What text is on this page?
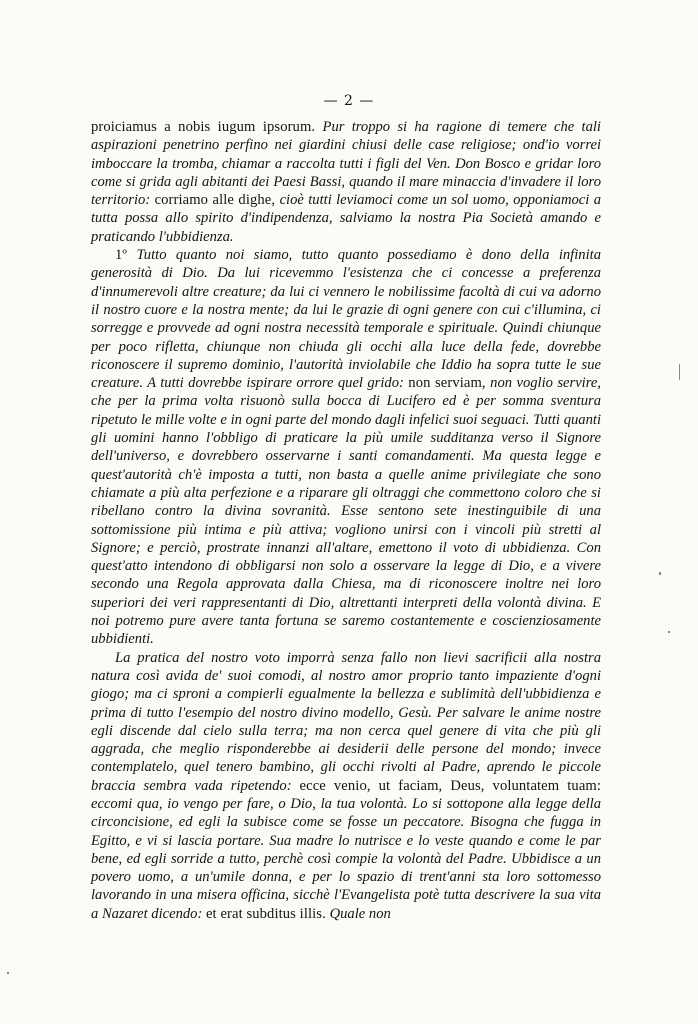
— 2 —

proiciamus a nobis iugum ipsorum. Pur troppo si ha ragione di temere che tali aspirazioni penetrino perfino nei giardini chiusi delle case religiose; ond'io vorrei imboccare la tromba, chiamar a raccolta tutti i figli del Ven. Don Bosco e gridar loro come si grida agli abitanti dei Paesi Bassi, quando il mare minaccia d'invadere il loro territorio: corriamo alle dighe, cioè tutti leviamoci come un sol uomo, opponiamoci a tutta possa allo spirito d'indipendenza, salviamo la nostra Pia Società amando e praticando l'ubbidienza.

1º Tutto quanto noi siamo, tutto quanto possediamo è dono della infinita generosità di Dio. Da lui ricevemmo l'esistenza che ci concesse a preferenza d'innumerevoli altre creature; da lui ci vennero le nobilissime facoltà di cui va adorno il nostro cuore e la nostra mente; da lui le grazie di ogni genere con cui c'illumina, ci sorregge e provvede ad ogni nostra necessità temporale e spirituale. Quindi chiunque per poco rifletta, chiunque non chiuda gli occhi alla luce della fede, dovrebbe riconoscere il supremo dominio, l'autorità inviolabile che Iddio ha sopra tutte le sue creature. A tutti dovrebbe ispirare orrore quel grido: non serviam, non voglio servire, che per la prima volta risuonò sulla bocca di Lucifero ed è per somma sventura ripetuto le mille volte e in ogni parte del mondo dagli infelici suoi seguaci. Tutti quanti gli uomini hanno l'obbligo di praticare la più umile sudditanza verso il Signore dell'universo, e dovrebbero osservarne i santi comandamenti. Ma questa legge e quest'autorità ch'è imposta a tutti, non basta a quelle anime privilegiate che sono chiamate a più alta perfezione e a riparare gli oltraggi che commettono coloro che si ribellano contro la divina sovranità. Esse sentono sete inestinguibile di una sottomissione più intima e più attiva; vogliono unirsi con i vincoli più stretti al Signore; e perciò, prostrate innanzi all'altare, emettono il voto di ubbidienza. Con quest'atto intendono di obbligarsi non solo a osservare la legge di Dio, e a vivere secondo una Regola approvata dalla Chiesa, ma di riconoscere inoltre nei loro superiori dei veri rappresentanti di Dio, altrettanti interpreti della volontà divina. E noi potremo pure avere tanta fortuna se saremo costantemente e coscienziosamente ubbidienti.

La pratica del nostro voto imporrà senza fallo non lievi sacrificii alla nostra natura così avida de' suoi comodi, al nostro amor proprio tanto impaziente d'ogni giogo; ma ci sproni a compierli egualmente la bellezza e sublimità dell'ubbidienza e prima di tutto l'esempio del nostro divino modello, Gesù. Per salvare le anime nostre egli discende dal cielo sulla terra; ma non cerca quel genere di vita che più gli aggrada, che meglio risponderebbe ai desiderii delle persone del mondo; invece contemplatelo, quel tenero bambino, gli occhi rivolti al Padre, aprendo le piccole braccia sembra vada ripetendo: ecce venio, ut faciam, Deus, voluntatem tuam: eccomi qua, io vengo per fare, o Dio, la tua volontà. Lo si sottopone alla legge della circoncisione, ed egli la subisce come se fosse un peccatore. Bisogna che fugga in Egitto, e vi si lascia portare. Sua madre lo nutrisce e lo veste quando e come le par bene, ed egli sorride a tutto, perchè così compie la volontà del Padre. Ubbidisce a un povero uomo, a un'umile donna, e per lo spazio di trent'anni sta loro sottomesso lavorando in una misera officina, sicchè l'Evangelista potè tutta descrivere la sua vita a Nazaret dicendo: et erat subditus illis. Quale non
